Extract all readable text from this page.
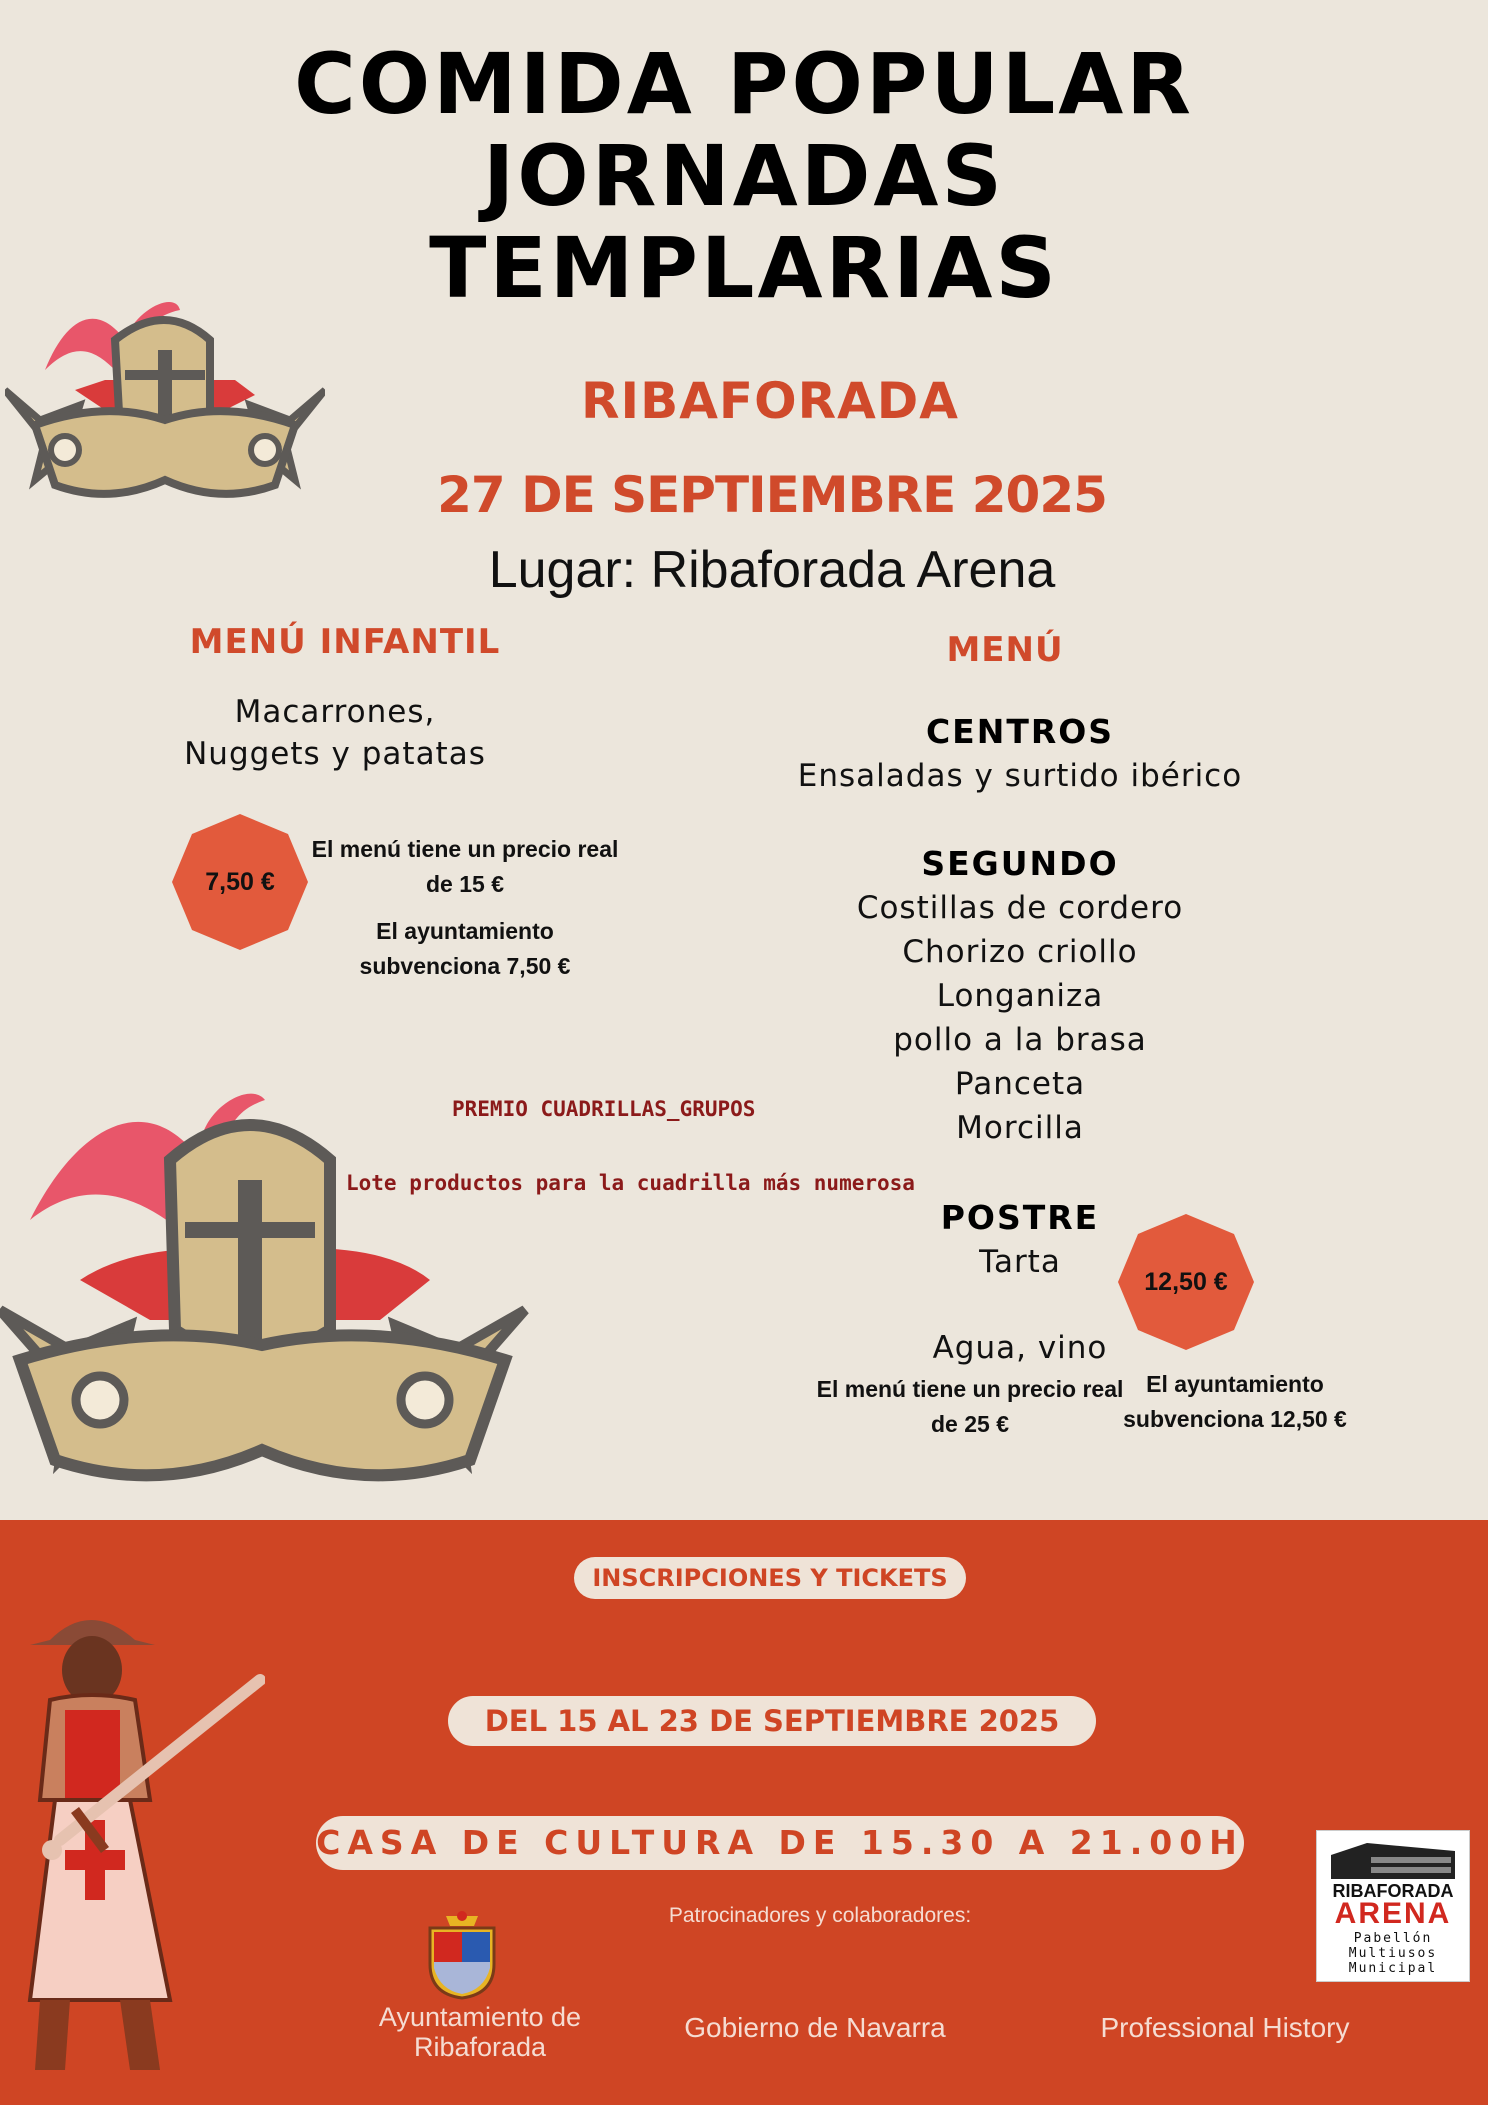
COMIDA POPULAR
JORNADAS
TEMPLARIAS
RIBAFORADA
27 DE SEPTIEMBRE 2025
Lugar: Ribaforada Arena
MENÚ INFANTIL
Macarrones,
Nuggets y patatas
7,50 €
El menú tiene un precio real
de 15 €
El ayuntamiento
subvenciona 7,50 €
PREMIO CUADRILLAS_GRUPOS
Lote productos para la cuadrilla más numerosa
MENÚ
CENTROS
Ensaladas y surtido ibérico
SEGUNDO
Costillas de cordero
Chorizo criollo
Longaniza
pollo a la brasa
Panceta
Morcilla
POSTRE
Tarta
Agua, vino
12,50 €
El menú tiene un precio real
de 25 €
El ayuntamiento
subvenciona 12,50 €
INSCRIPCIONES Y TICKETS
DEL 15 AL 23 DE SEPTIEMBRE 2025
CASA DE CULTURA DE 15.30 A 21.00H
Patrocinadores y colaboradores:
Ayuntamiento de
Ribaforada
Gobierno de Navarra	Professional History
RIBAFORADA
ARENA
Pabellón
Multiusos
Municipal
